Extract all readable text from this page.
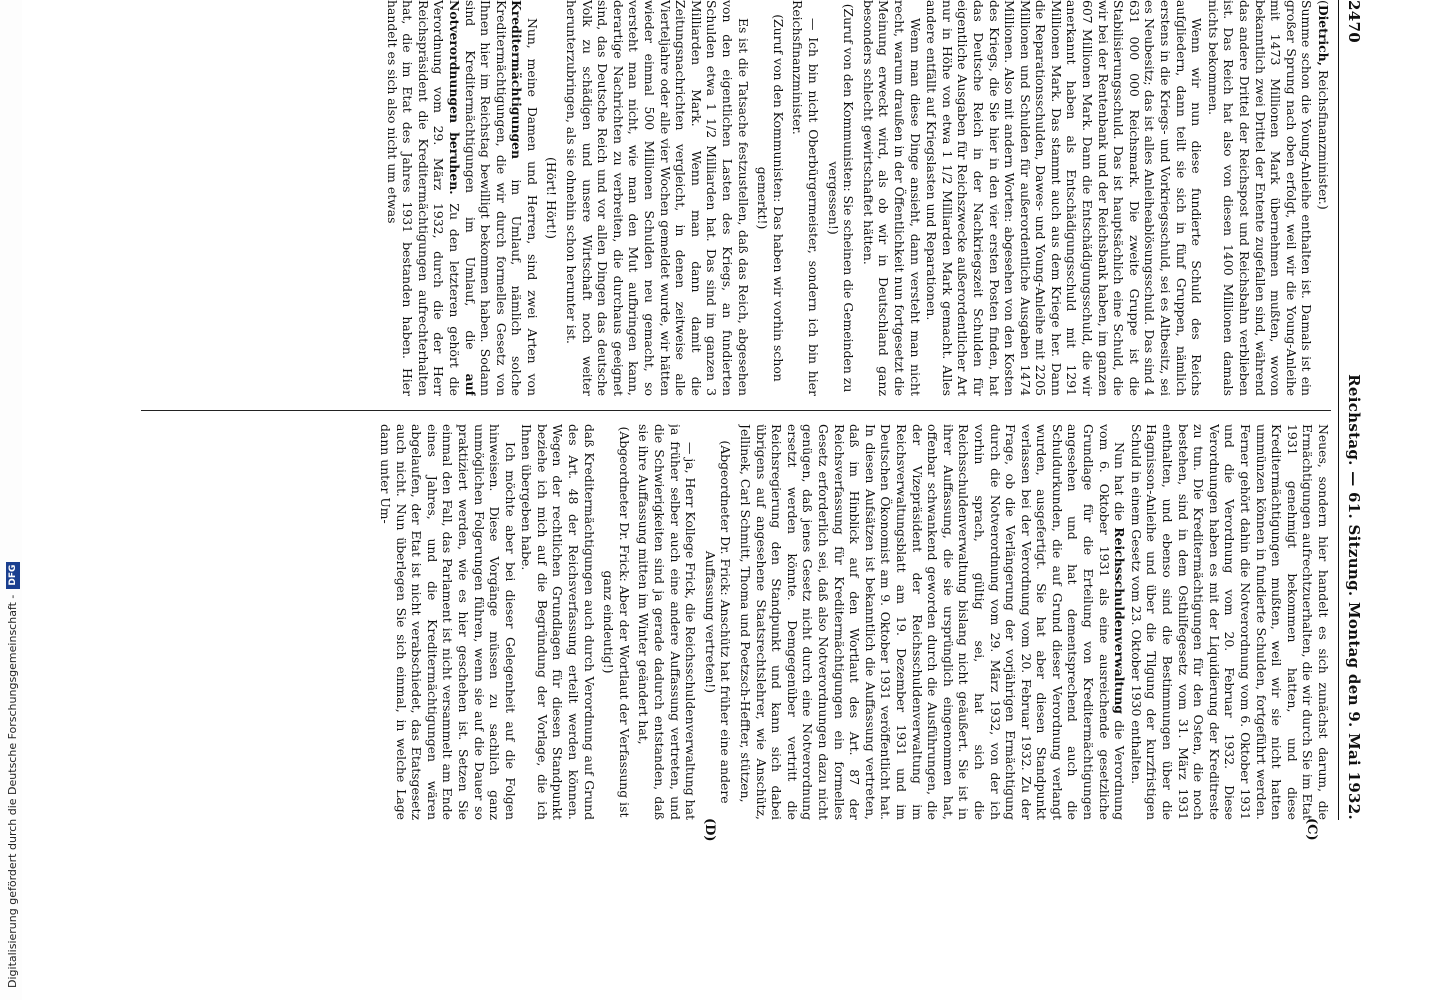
Digitalisierung gefördert durch die Deutsche Forschungsgemeinschaft -DFG
2470
Reichstag. — 61. Sitzung. Montag den 9. Mai 1932.
(C)
(D)

(Dietrich, Reichsfinanzminister.)

Summe schon die Young-Anleihe enthalten ist. Damals ist ein großer Sprung nach oben erfolgt, weil wir die Young-Anleihe mit 1473 Millionen Mark übernehmen mußten, wovon bekanntlich zwei Drittel der Entente zugefallen sind, während das andere Drittel der Reichspost und Reichsbahn verblieben ist. Das Reich hat also von diesen 1400 Millionen damals nichts bekommen.

Wenn wir nun diese fundierte Schuld des Reichs aufgliedern, dann teilt sie sich in fünf Gruppen, nämlich erstens in die Kriegs- und Vorkriegsschuld, sei es Altbesitz, sei es Neubesitz; das ist alles Anleiheablösungsschuld. Das sind 4 631 000 000 Reichsmark. Die zweite Gruppe ist die Stabilisierungsschuld. Das ist hauptsächlich eine Schuld, die wir bei der Rentenbank und der Reichsbank haben, im ganzen 607 Millionen Mark. Dann die Entschädigungsschuld, die wir anerkannt haben als Entschädigungsschuld mit 1291 Millionen Mark. Das stammt auch aus dem Kriege her. Dann die Reparationsschulden, Dawes- und Young-Anleihe mit 2205 Millionen und Schulden für außerordentliche Ausgaben 1474 Millionen. Also mit andern Worten: abgesehen von den Kosten des Kriegs, die Sie hier in den vier ersten Posten finden, hat das Deutsche Reich in der Nachkriegszeit Schulden für eigentliche Ausgaben für Reichszwecke außerordentlicher Art nur in Höhe von etwa 1 1/2 Milliarden Mark gemacht. Alles andere entfällt auf Kriegslasten und Reparationen.

Wenn man diese Dinge ansieht, dann versteht man nicht recht, warum draußen in der Öffentlichkeit nun fortgesetzt die Meinung erweckt wird, als ob wir in Deutschland ganz besonders schlecht gewirtschaftet hätten.

(Zuruf von den Kommunisten: Sie scheinen die Gemeinden zu vergessen!)

— Ich bin nicht Oberbürgermeister, sondern ich bin hier Reichsfinanzminister.

(Zuruf von den Kommunisten: Das haben wir vorhin schon gemerkt!)

Es ist die Tatsache festzustellen, daß das Reich, abgesehen von den eigentlichen Lasten des Kriegs, an fundierten Schulden etwa 1 1/2 Milliarden hat. Das sind im ganzen 3 Milliarden Mark. Wenn man dann damit die Zeitungsnachrichten vergleicht, in denen zeitweise alle Vierteljahre oder alle vier Wochen gemeldet wurde, wir hätten wieder einmal 500 Millionen Schulden neu gemacht, so versteht man nicht, wie man den Mut aufbringen kann, derartige Nachrichten zu verbreiten, die durchaus geeignet sind, das Deutsche Reich und vor allen Dingen das deutsche Volk zu schädigen und unsere Wirtschaft noch weiter herunterzubringen, als sie ohnehin schon herunter ist.

(Hört! Hört!)

Nun, meine Damen und Herren, sind zwei Arten von Kreditermächtigungen im Umlauf, nämlich solche Kreditermächtigungen, die wir durch formelles Gesetz von Ihnen hier im Reichstag bewilligt bekommen haben. Sodann sind Kreditermächtigungen im Umlauf, die auf Notverordnungen beruhen. Zu den letzteren gehört die Verordnung vom 29. März 1932, durch die der Herr Reichspräsident die Kreditermächtigungen aufrechterhalten hat, die im Etat des Jahres 1931 bestanden haben. Hier handelt es sich also nicht um etwas

Neues, sondern hier handelt es sich zunächst darum, die Ermächtigungen aufrechtzuerhalten, die wir durch Sie im Etat 1931 genehmigt bekommen hatten, und diese Kreditermächtigungen mußten, weil wir sie nicht hatten ummünzen können in fundierte Schulden, fortgeführt werden. Ferner gehört dahin die Notverordnung vom 6. Oktober 1931 und die Verordnung vom 20. Februar 1932. Diese Verordnungen haben es mit der Liquidierung der Kreditreste zu tun. Die Kreditermächtigungen für den Osten, die noch bestehen, sind in dem Osthilfegesetz vom 31. März 1931 enthalten, und ebenso sind die Bestimmungen über die Hagnisson-Anleihe und über die Tilgung der kurzfristigen Schuld in einem Gesetz vom 23. Oktober 1930 enthalten.

Nun hat die Reichsschuldenverwaltung die Verordnung vom 6. Oktober 1931 als eine ausreichende gesetzliche Grundlage für die Erteilung von Kreditermächtigungen angesehen und hat dementsprechend auch die Schuldurkunden, die auf Grund dieser Verordnung verlangt wurden, ausgefertigt. Sie hat aber diesen Standpunkt verlassen bei der Verordnung vom 20. Februar 1932. Zu der Frage, ob die Verlängerung der vorjährigen Ermächtigung durch die Notverordnung vom 29. März 1932, von der ich vorhin sprach, gültig sei, hat sich die Reichsschuldenverwaltung bislang nicht geäußert. Sie ist in ihrer Auffassung, die sie ursprünglich eingenommen hat, offenbar schwankend geworden durch die Ausführungen, die der Vizepräsident der Reichsschuldenverwaltung im Reichsverwaltungsblatt am 19. Dezember 1931 und im Deutschen Ökonomist am 9. Oktober 1931 veröffentlicht hat. In diesen Aufsätzen ist bekanntlich die Auffassung vertreten, daß im Hinblick auf den Wortlaut des Art. 87 der Reichsverfassung für Kreditermächtigungen ein formelles Gesetz erforderlich sei, daß also Notverordnungen dazu nicht genügen, daß jenes Gesetz nicht durch eine Notverordnung ersetzt werden könnte. Demgegenüber vertritt die Reichsregierung den Standpunkt und kann sich dabei übrigens auf angesehene Staatsrechtslehrer, wie Anschütz, Jellinek, Carl Schmitt, Thoma und Poetzsch-Heffter, stützen,

(Abgeordneter Dr. Frick: Anschütz hat früher eine andere Auffassung vertreten!)

— ja, Herr Kollege Frick, die Reichsschuldenverwaltung hat ja früher selber auch eine andere Auffassung vertreten, und die Schwierigkeiten sind ja gerade dadurch entstanden, daß sie ihre Auffassung mitten im Winter geändert hat,

(Abgeordneter Dr. Frick: Aber der Wortlaut der Verfassung ist ganz eindeutig!)

daß Kreditermächtigungen auch durch Verordnung auf Grund des Art. 48 der Reichsverfassung erteilt werden können. Wegen der rechtlichen Grundlagen für diesen Standpunkt beziehe ich mich auf die Begründung der Vorlage, die ich Ihnen übergeben habe.

Ich möchte aber bei dieser Gelegenheit auf die Folgen hinweisen. Diese Vorgänge müssen zu sachlich ganz unmöglichen Folgerungen führen, wenn sie auf die Dauer so praktiziert werden, wie es hier geschehen ist. Setzen Sie einmal den Fall, das Parlament ist nicht versammelt am Ende eines Jahres, und die Kreditermächtigungen wären abgelaufen, der Etat ist nicht verabschiedet, das Etatsgesetz auch nicht. Nun überlegen Sie sich einmal, in welche Lage dann unter Um-
